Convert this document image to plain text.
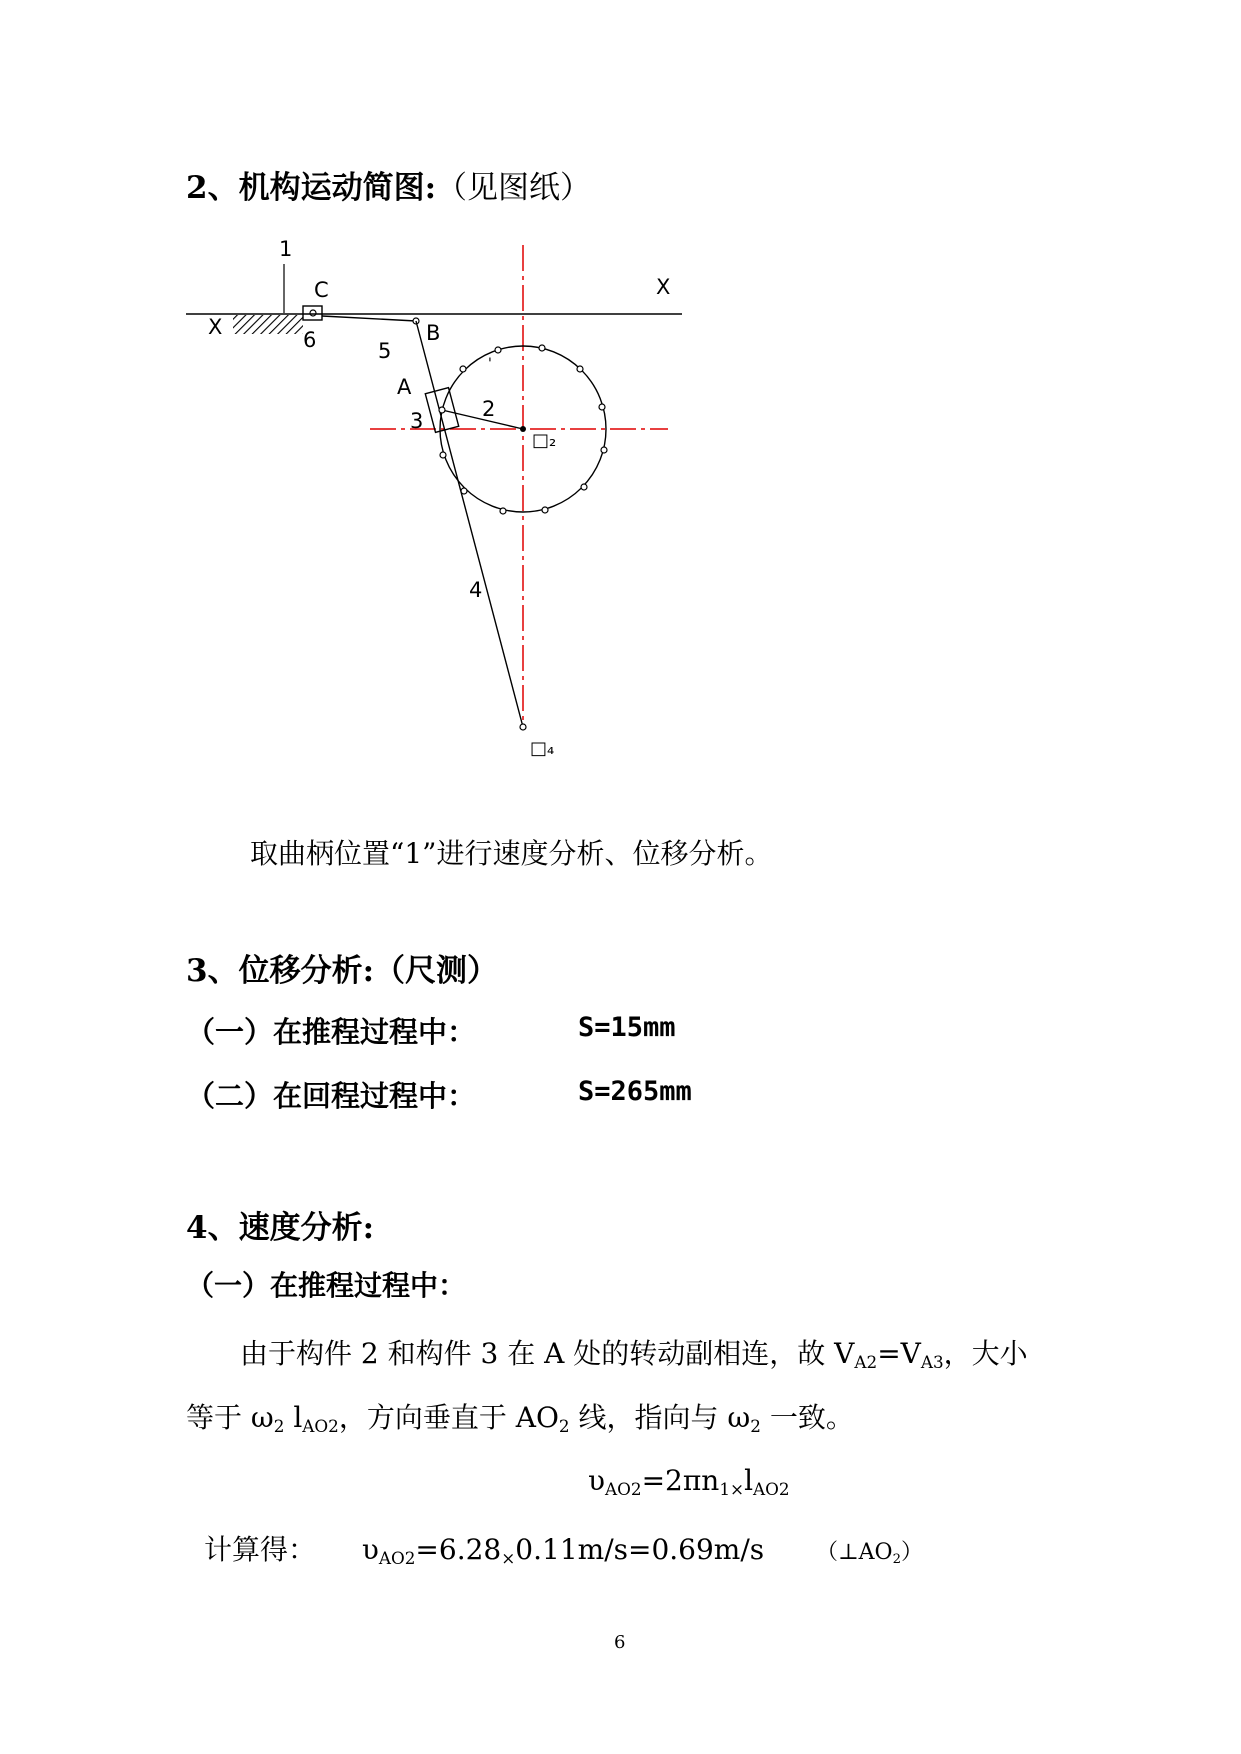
2、机构运动简图:（见图纸）
1
C
X
X
6	B
5
A
3	2
□₂
4
□₄
'
取曲柄位置“1”进行速度分析、位移分析。
3、位移分析:（尺测）
（一）在推程过程中：	S=15mm
（二）在回程过程中：	S=265mm
4、速度分析:
（一）在推程过程中：
由于构件 2 和构件 3 在 A 处的转动副相连，故 $V_{A2}=V_{A3}$，大小
等于 $\omega_2$ $l_{AO2}$，方向垂直于 $AO_2$ 线，指向与 $\omega_2$ 一致。
$\upsilon_{AO2}=2\pi n_{1\times}l_{AO2}$
计算得： $\upsilon_{AO2}=6.28_\times 0.11m/s=0.69m/s$ $(\perp AO_2)$
6
